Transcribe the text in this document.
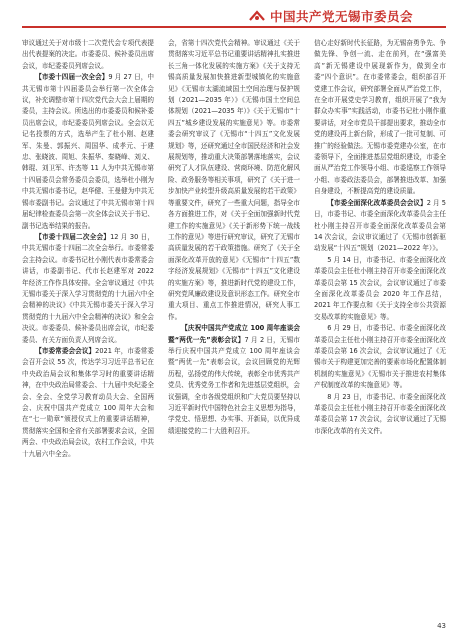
中国共产党无锡市委员会

审议通过关于对市级十二次党代会专项代表提出代表提案的决定。市委委员、候补委员出席会议，市纪委委员列席会议。

【市委十四届一次全会】9 月 27 日，中共无锡市第十四届委员会举行第一次全体会议，补充调整市第十四次党代会大会上届期的委员，主持会议。所选出的市委委员和候补委员出席会议，市纪委委员列席会议。全会以无记名投票的方式，选举产生了杜小刚、赵建军、朱曼、郭振兴、周国华、成孝元、于建忠、张晓波、周旭、朱振华、秦晓峰、刘义、韩琨、刘卫军、许杰等 11 人为中共无锡市第十四届委员会常务委员会委员，选举杜小刚为中共无锡市委书记，赵华健、王曼健为中共无锡市委副书记。会议通过了中共无锡市第十四届纪律检查委员会第一次全体会议关于书记、副书记选举结果的报告。

【市委十四届二次全会】12 月 30 日，中共无锡市委十四届二次全会举行。市委常委会主持会议。市委书记杜小刚代表市委常委会讲话，市委副书记、代市长赵建军对 2022 年经济工作作具体安排。全会审议通过《中共无锡市委关于深入学习贯彻党的十九届六中全会精神的决议》《中共无锡市委关于深入学习贯彻党的十九届六中全会精神的决议》和全会决议。市委委员、候补委员出席会议，市纪委委员、有关方面负责人列席会议。

【市委常委会会议】2021 年，市委常委会召开会议 55 次，传达学习习近平总书记在中央政治局会议和集体学习时的重要讲话精神，在中央政治局常委会、十九届中央纪委全会、全会、全党学习教育动员大会、全国两会、庆祝中国共产党成立 100 周年大会和在“七一勋章”颁授仪式上的重要讲话精神，贯彻落实全国和全省有关部署要求会议，全国两会、中央政治局会议，农村工作会议，中共十九届六中全会。

会，省第十四次党代会精神。审议通过《关于贯彻落实习近平总书记重要讲话精神扎实推进长三角一体化发展的实施方案》《关于支持无锡高质量发展加快推进新型城镇化的实施意见》《无锡市太湖流域国土空间治理与保护规划（2021—2035 年）》《无锡市国土空间总体规划（2021—2035 年）》《关于无锡市“十四五”城乡建设发展的实施意见》等。市委常委会研究审议了《无锡市“十四五”文化发展规划》等，还研究通过全市国民经济和社会发展规划等，推动重大决策部署落地落实，会议研究了人才队伍建设、营商环境、防范化解风险、政务服务等相关事项，研究了《关于进一步加快产业转型升级高质量发展的若干政策》等重要文件，研究了一些重大问题，指导全市各方面推进工作，对《关于全面加强新时代党建工作的实施意见》《关于新形势下统一战线工作的意见》等进行研究审议，研究了无锡市高质量发展的若干政策措施。研究了《关于全面深化改革开放的意见》《无锡市“十四五”数字经济发展规划》《无锡市“十四五”文化建设的实施方案》等，推进新时代党的建设工作，研究党风廉政建设及意识形态工作。研究全市重大项目、重点工作推进情况，研究人事工作。

【庆祝中国共产党成立 100 周年座谈会暨“两优一先”表彰会议】7 月 2 日，无锡市举行庆祝中国共产党成立 100 周年座谈会暨“两优一先”表彰会议，会议回顾党的光辉历程，弘扬党的伟大传统，表彰全市优秀共产党员、优秀党务工作者和先进基层党组织，会议强调，全市各级党组织和广大党员要坚持以习近平新时代中国特色社会主义思想为指导，学党史、悟思想、办实事、开新局，以优异成绩迎接党的二十大胜利召开。

信心走好新时代长征路，为无锡奋勇争先、争做先锋、争创一流、走在前列，在“强富美高”新无锡建设中展现新作为，做到全市委“四个意识”。在市委常委会，组织部召开党建工作会议，研究部署全面从严治党工作，在全市开展党史学习教育，组织开展了“我为群众办实事”实践活动，市委书记杜小刚作重要讲话，对全市党员干部提出要求，推动全市党的建设再上新台阶，形成了一批可复制、可推广的经验做法。无锡市委党建办公室，在市委领导下，全面推进基层党组织建设，市委全面从严治党工作领导小组、市委巡察工作领导小组、市委政法委员会，部署推进改革、加强自身建设，不断提高党的建设质量。

【市委全面深化改革委员会会议】2 月 5 日，市委书记、市委全面深化改革委员会主任杜小刚主持召开市委全面深化改革委员会第 14 次会议，会议审议通过了《无锡市创新驱动发展“十四五”规划（2021—2022 年）》。

5 月 14 日，市委书记、市委全面深化改革委员会主任杜小刚主持召开市委全面深化改革委员会第 15 次会议，会议审议通过了市委全面深化改革委员会 2020 年工作总结，2021 年工作要点和《关于支持全市公共资源交易改革的实施意见》等。

6 月 29 日，市委书记、市委全面深化改革委员会主任杜小刚主持召开市委全面深化改革委员会第 16 次会议，会议审议通过了《无锡市关于构建更加完善的要素市场化配置体制机制的实施意见》《无锡市关于推进农村集体产权制度改革的实施意见》等。

8 月 23 日，市委书记、市委全面深化改革委员会主任杜小刚主持召开市委全面深化改革委员会第 17 次会议，会议审议通过了无锡市深化改革的有关文件。

43
